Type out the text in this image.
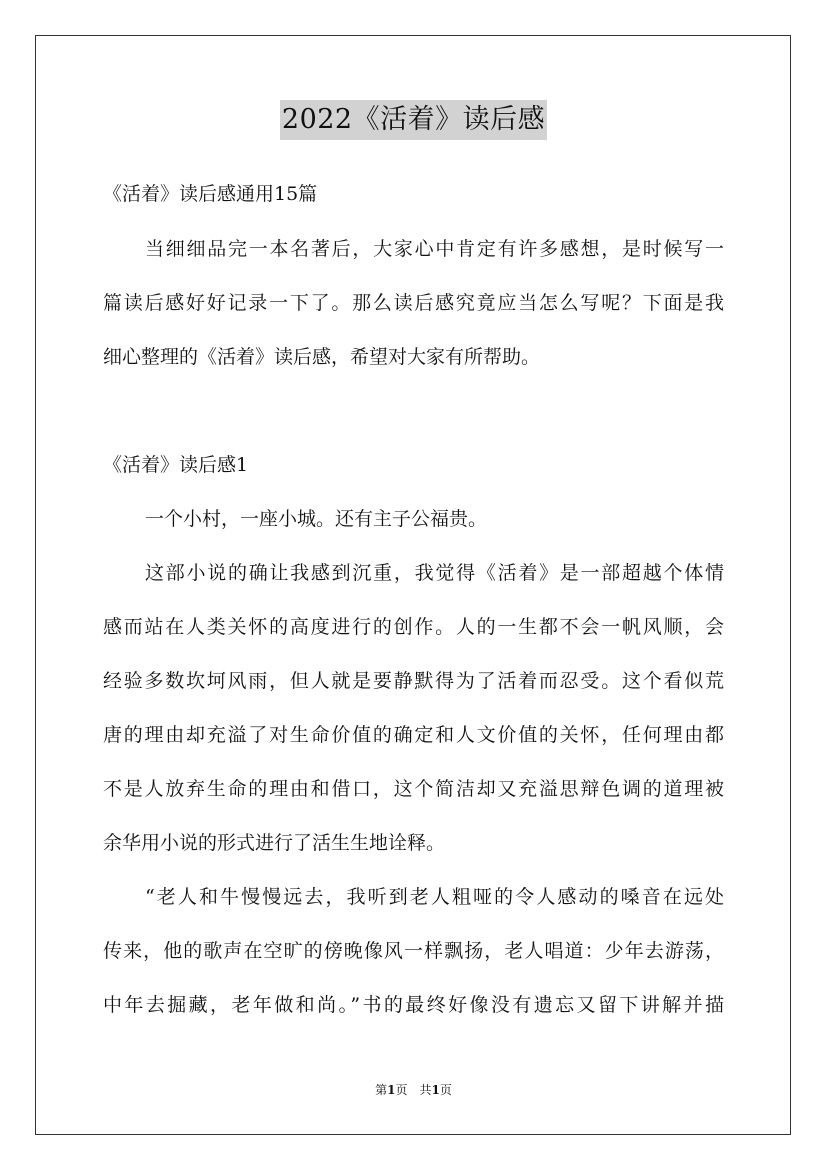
2022《活着》读后感
《活着》读后感通用15篇
当细细品完一本名著后，大家心中肯定有许多感想，是时候写一
篇读后感好好记录一下了。那么读后感究竟应当怎么写呢？下面是我
细心整理的《活着》读后感，希望对大家有所帮助。
《活着》读后感1
一个小村，一座小城。还有主子公福贵。
这部小说的确让我感到沉重，我觉得《活着》是一部超越个体情
感而站在人类关怀的高度进行的创作。人的一生都不会一帆风顺，会
经验多数坎坷风雨，但人就是要静默得为了活着而忍受。这个看似荒
唐的理由却充溢了对生命价值的确定和人文价值的关怀，任何理由都
不是人放弃生命的理由和借口，这个简洁却又充溢思辩色调的道理被
余华用小说的形式进行了活生生地诠释。
“老人和牛慢慢远去，我听到老人粗哑的令人感动的嗓音在远处
传来，他的歌声在空旷的傍晚像风一样飘扬，老人唱道：少年去游荡，
中年去掘藏，老年做和尚。”书的最终好像没有遗忘又留下讲解并描
第1页　共1页
